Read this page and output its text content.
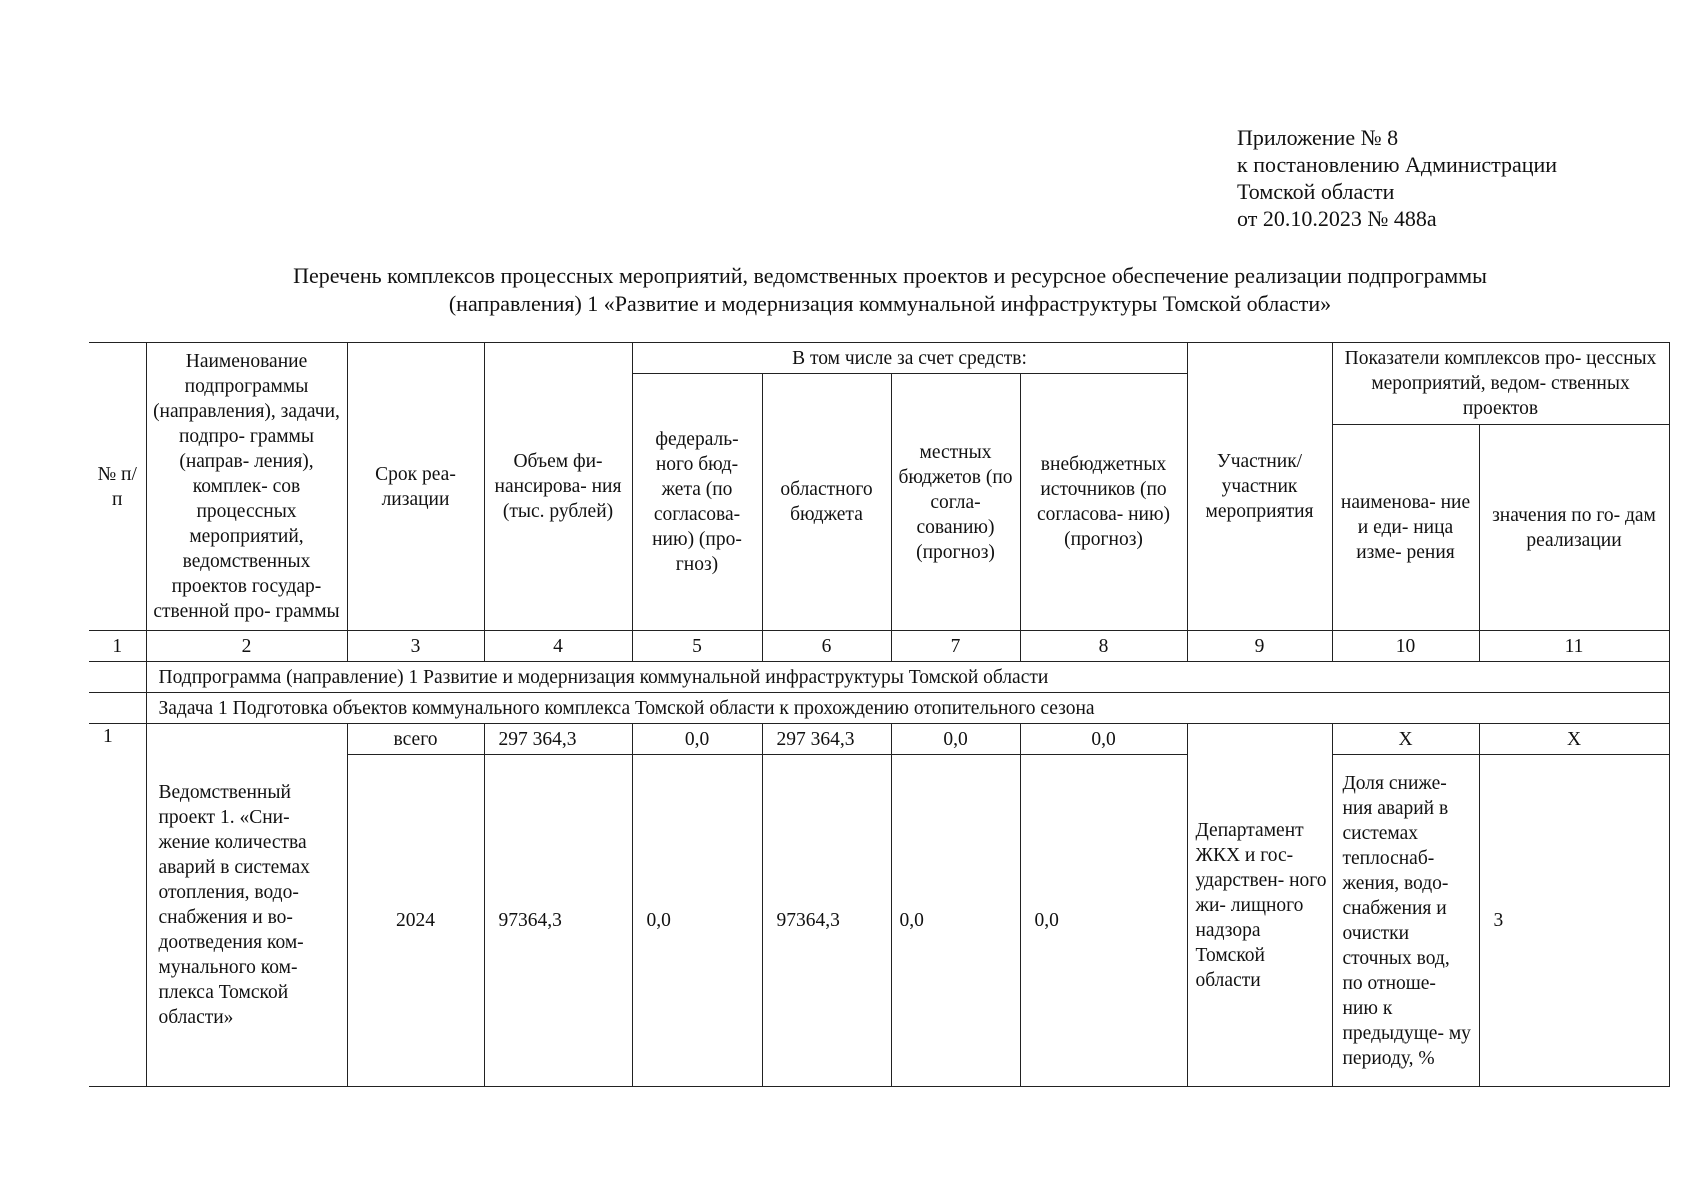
Приложение № 8
к постановлению Администрации
Томской области
от 20.10.2023 № 488а
Перечень комплексов процессных мероприятий, ведомственных проектов и ресурсное обеспечение реализации подпрограммы
(направления) 1 «Развитие и модернизация коммунальной инфраструктуры Томской области»
№ п/п	Наименование подпрограммы (направления), задачи, подпро- граммы (направ- ления), комплек- сов процессных мероприятий, ведомственных проектов государ- ственной про- граммы	Срок реа- лизации	Объем фи- нансирова- ния (тыс. рублей)	В том числе за счет средств:				Участник/ участник мероприятия	Показатели комплексов про- цессных мероприятий, ведом- ственных проектов	
				федераль- ного бюд- жета (по согласова- нию) (про- гноз)	областного бюджета	местных бюджетов (по согла- сованию) (прогноз)	внебюджетных источников (по согласова- нию) (прогноз)			
									наименова- ние и еди- ница изме- рения	значения по го- дам реализации
1	2	3	4	5	6	7	8	9	10	11
	Подпрограмма (направление) 1 Развитие и модернизация коммунальной инфраструктуры Томской области									
	Задача 1 Подготовка объектов коммунального комплекса Томской области к прохождению отопительного сезона									
1	Ведомственный проект 1. «Сни- жение количества аварий в системах отопления, водо- снабжения и во- доотведения ком- мунального ком- плекса Томской области»	всего	297 364,3	0,0	297 364,3	0,0	0,0	Департамент ЖКХ и гос- ударствен- ного жи- лищного надзора Томской области	Х	Х
		2024	97364,3	0,0	97364,3	0,0	0,0		Доля сниже- ния аварий в системах теплоснаб- жения, водо- снабжения и очистки сточных вод, по отноше- нию к предыдуще- му периоду, %	3
